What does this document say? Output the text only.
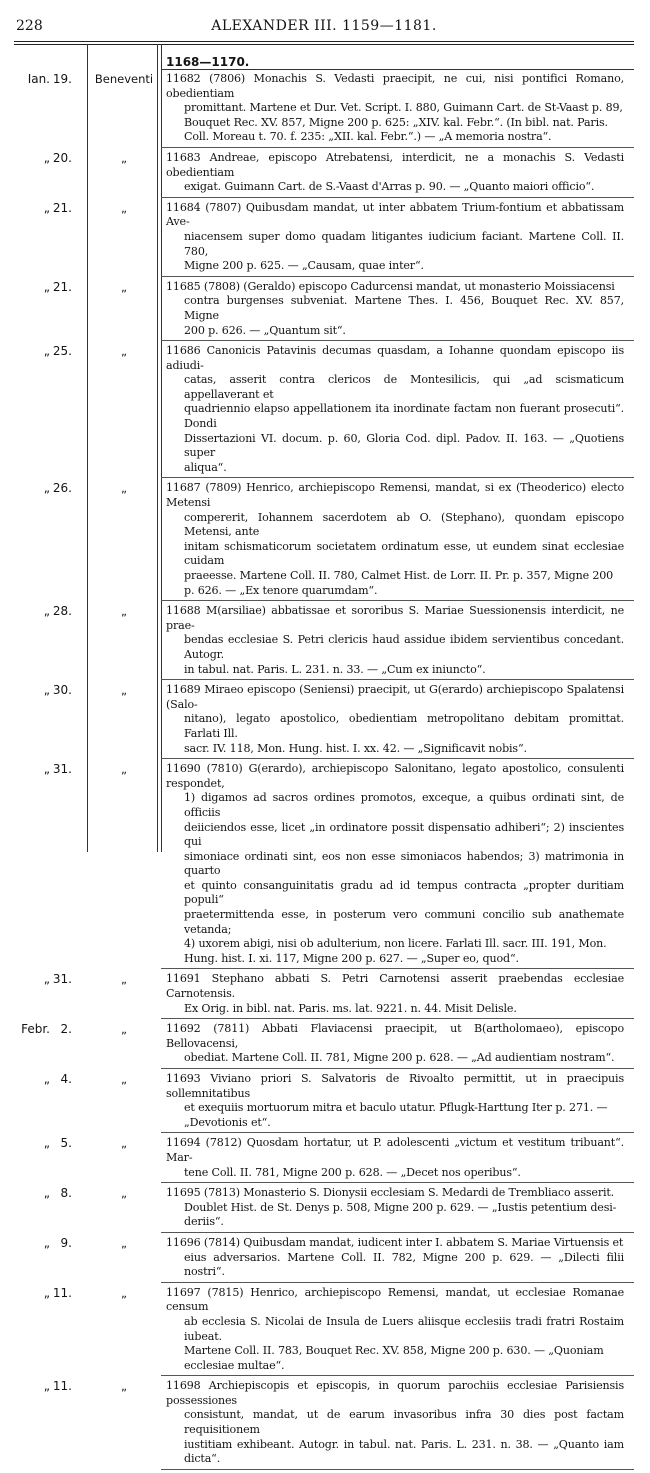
228	ALEXANDER III. 1159—1181.
1168—1170.
Ian. 19.	Beneventi	11682 (7806) Monachis S. Vedasti praecipit, ne cui, nisi pontifici Romano, obedientiam
promittant. Martene et Dur. Vet. Script. I. 880, Guimann Cart. de St-Vaast p. 89,
Bouquet Rec. XV. 857, Migne 200 p. 625: „XIV. kal. Febr.“. (In bibl. nat. Paris.
Coll. Moreau t. 70. f. 235: „XII. kal. Febr.“.) — „A memoria nostra“.
„ 20.	„	11683 Andreae, episcopo Atrebatensi, interdicit, ne a monachis S. Vedasti obedientiam
exigat. Guimann Cart. de S.-Vaast d'Arras p. 90. — „Quanto maiori officio“.
„ 21.	„	11684 (7807) Quibusdam mandat, ut inter abbatem Trium-fontium et abbatissam Ave-
niacensem super domo quadam litigantes iudicium faciant. Martene Coll. II. 780,
Migne 200 p. 625. — „Causam, quae inter“.
„ 21.	„	11685 (7808) (Geraldo) episcopo Cadurcensi mandat, ut monasterio Moissiacensi
contra burgenses subveniat. Martene Thes. I. 456, Bouquet Rec. XV. 857, Migne
200 p. 626. — „Quantum sit“.
„ 25.	„	11686 Canonicis Patavinis decumas quasdam, a Iohanne quondam episcopo iis adiudi-
catas, asserit contra clericos de Montesilicis, qui „ad scismaticum appellaverant et
quadriennio elapso appellationem ita inordinate factam non fuerant prosecuti“. Dondi
Dissertazioni VI. docum. p. 60, Gloria Cod. dipl. Padov. II. 163. — „Quotiens super
aliqua“.
„ 26.	„	11687 (7809) Henrico, archiepiscopo Remensi, mandat, si ex (Theoderico) electo Metensi
compererit, Iohannem sacerdotem ab O. (Stephano), quondam episcopo Metensi, ante
initam schismaticorum societatem ordinatum esse, ut eundem sinat ecclesiae cuidam
praeesse. Martene Coll. II. 780, Calmet Hist. de Lorr. II. Pr. p. 357, Migne 200
p. 626. — „Ex tenore quarumdam“.
„ 28.	„	11688 M(arsiliae) abbatissae et sororibus S. Mariae Suessionensis interdicit, ne prae-
bendas ecclesiae S. Petri clericis haud assidue ibidem servientibus concedant. Autogr.
in tabul. nat. Paris. L. 231. n. 33. — „Cum ex iniuncto“.
„ 30.	„	11689 Miraeo episcopo (Seniensi) praecipit, ut G(erardo) archiepiscopo Spalatensi (Salo-
nitano), legato apostolico, obedientiam metropolitano debitam promittat. Farlati Ill.
sacr. IV. 118, Mon. Hung. hist. I. xx. 42. — „Significavit nobis“.
„ 31.	„	11690 (7810) G(erardo), archiepiscopo Salonitano, legato apostolico, consulenti respondet,
1) digamos ad sacros ordines promotos, exceque, a quibus ordinati sint, de officiis
deiiciendos esse, licet „in ordinatore possit dispensatio adhiberi“; 2) inscientes qui
simoniace ordinati sint, eos non esse simoniacos habendos; 3) matrimonia in quarto
et quinto consanguinitatis gradu ad id tempus contracta „propter duritiam populi“
praetermittenda esse, in posterum vero communi concilio sub anathemate vetanda;
4) uxorem abigi, nisi ob adulterium, non licere. Farlati Ill. sacr. III. 191, Mon.
Hung. hist. I. xi. 117, Migne 200 p. 627. — „Super eo, quod“.
„ 31.	„	11691 Stephano abbati S. Petri Carnotensi asserit praebendas ecclesiae Carnotensis.
Ex Orig. in bibl. nat. Paris. ms. lat. 9221. n. 44. Misit Delisle.
Febr. 2.	„	11692 (7811) Abbati Flaviacensi praecipit, ut B(artholomaeo), episcopo Bellovacensi,
obediat. Martene Coll. II. 781, Migne 200 p. 628. — „Ad audientiam nostram“.
„ 4.	„	11693 Viviano priori S. Salvatoris de Rivoalto permittit, ut in praecipuis sollemnitatibus
et exequiis mortuorum mitra et baculo utatur. Pflugk-Harttung Iter p. 271. —
„Devotionis et“.
„ 5.	„	11694 (7812) Quosdam hortatur, ut P. adolescenti „victum et vestitum tribuant“. Mar-
tene Coll. II. 781, Migne 200 p. 628. — „Decet nos operibus“.
„ 8.	„	11695 (7813) Monasterio S. Dionysii ecclesiam S. Medardi de Trembliaco asserit.
Doublet Hist. de St. Denys p. 508, Migne 200 p. 629. — „Iustis petentium desi-
deriis“.
„ 9.	„	11696 (7814) Quibusdam mandat, iudicent inter I. abbatem S. Mariae Virtuensis et
eius adversarios. Martene Coll. II. 782, Migne 200 p. 629. — „Dilecti filii nostri“.
„ 11.	„	11697 (7815) Henrico, archiepiscopo Remensi, mandat, ut ecclesiae Romanae censum
ab ecclesia S. Nicolai de Insula de Luers aliisque ecclesiis tradi fratri Rostaim iubeat.
Martene Coll. II. 783, Bouquet Rec. XV. 858, Migne 200 p. 630. — „Quoniam
ecclesiae multae“.
„ 11.	„	11698 Archiepiscopis et episcopis, in quorum parochiis ecclesiae Parisiensis possessiones
consistunt, mandat, ut de earum invasoribus infra 30 dies post factam requisitionem
iustitiam exhibeant. Autogr. in tabul. nat. Paris. L. 231. n. 38. — „Quanto iam dicta“.
